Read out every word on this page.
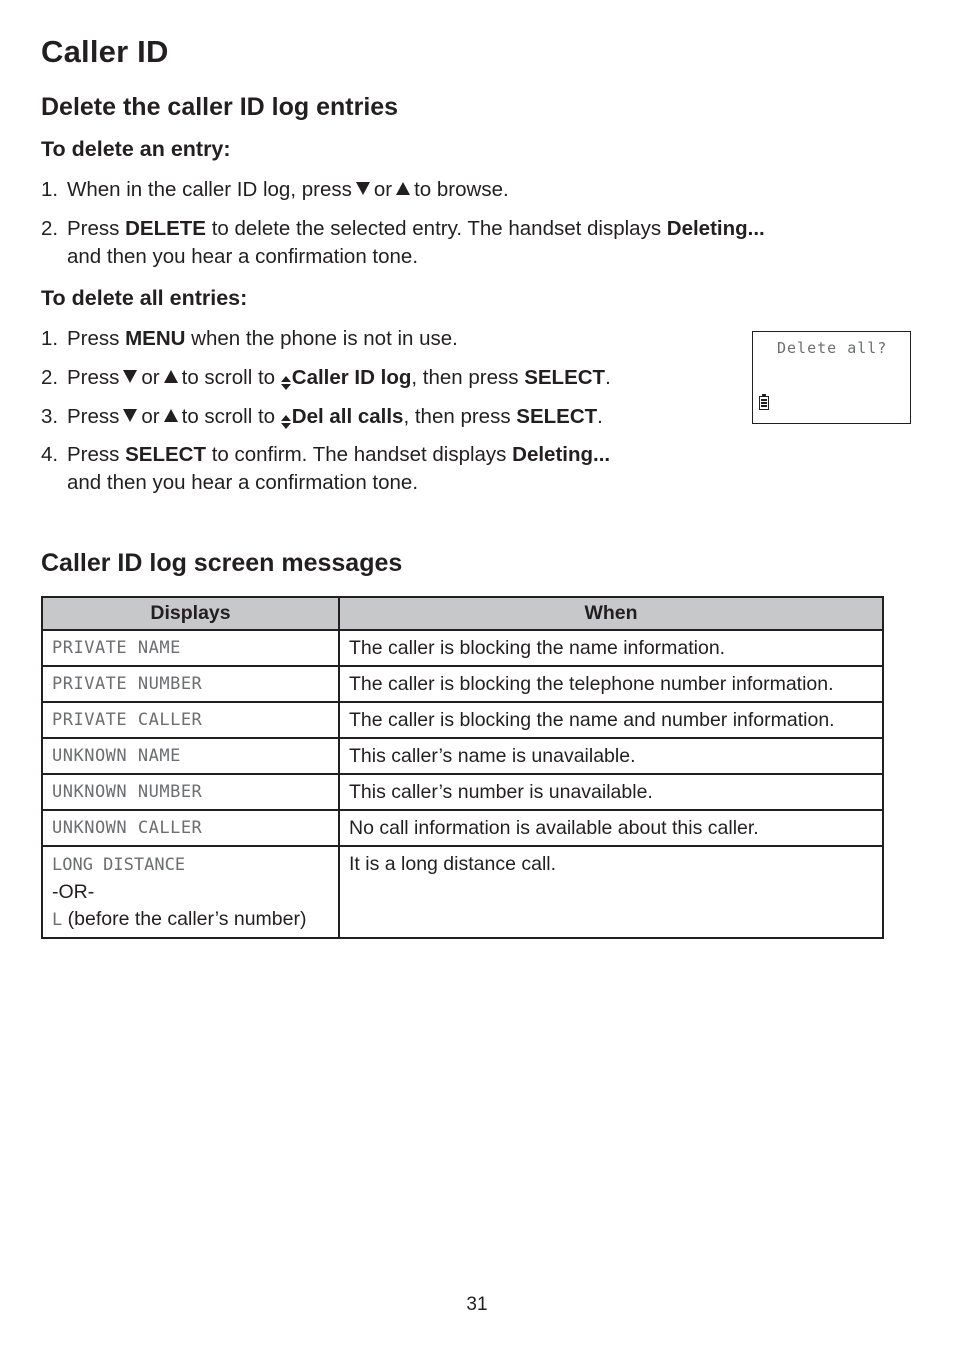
Caller ID
Delete the caller ID log entries
To delete an entry:
1. When in the caller ID log, press or to browse.
2. Press DELETE to delete the selected entry. The handset displays Deleting...
and then you hear a confirmation tone.
To delete all entries:
1. Press MENU when the phone is not in use.
2. Press or to scroll to Caller ID log, then press SELECT.
3. Press or to scroll to Del all calls, then press SELECT.
4. Press SELECT to confirm. The handset displays Deleting...
and then you hear a confirmation tone.
Delete all?
Caller ID log screen messages
Displays	When
PRIVATE NAME	The caller is blocking the name information.
PRIVATE NUMBER	The caller is blocking the telephone number information.
PRIVATE CALLER	The caller is blocking the name and number information.
UNKNOWN NAME	This caller’s name is unavailable.
UNKNOWN NUMBER	This caller’s number is unavailable.
UNKNOWN CALLER	No call information is available about this caller.
LONG DISTANCE
-OR-
L (before the caller’s number)	It is a long distance call.
31
